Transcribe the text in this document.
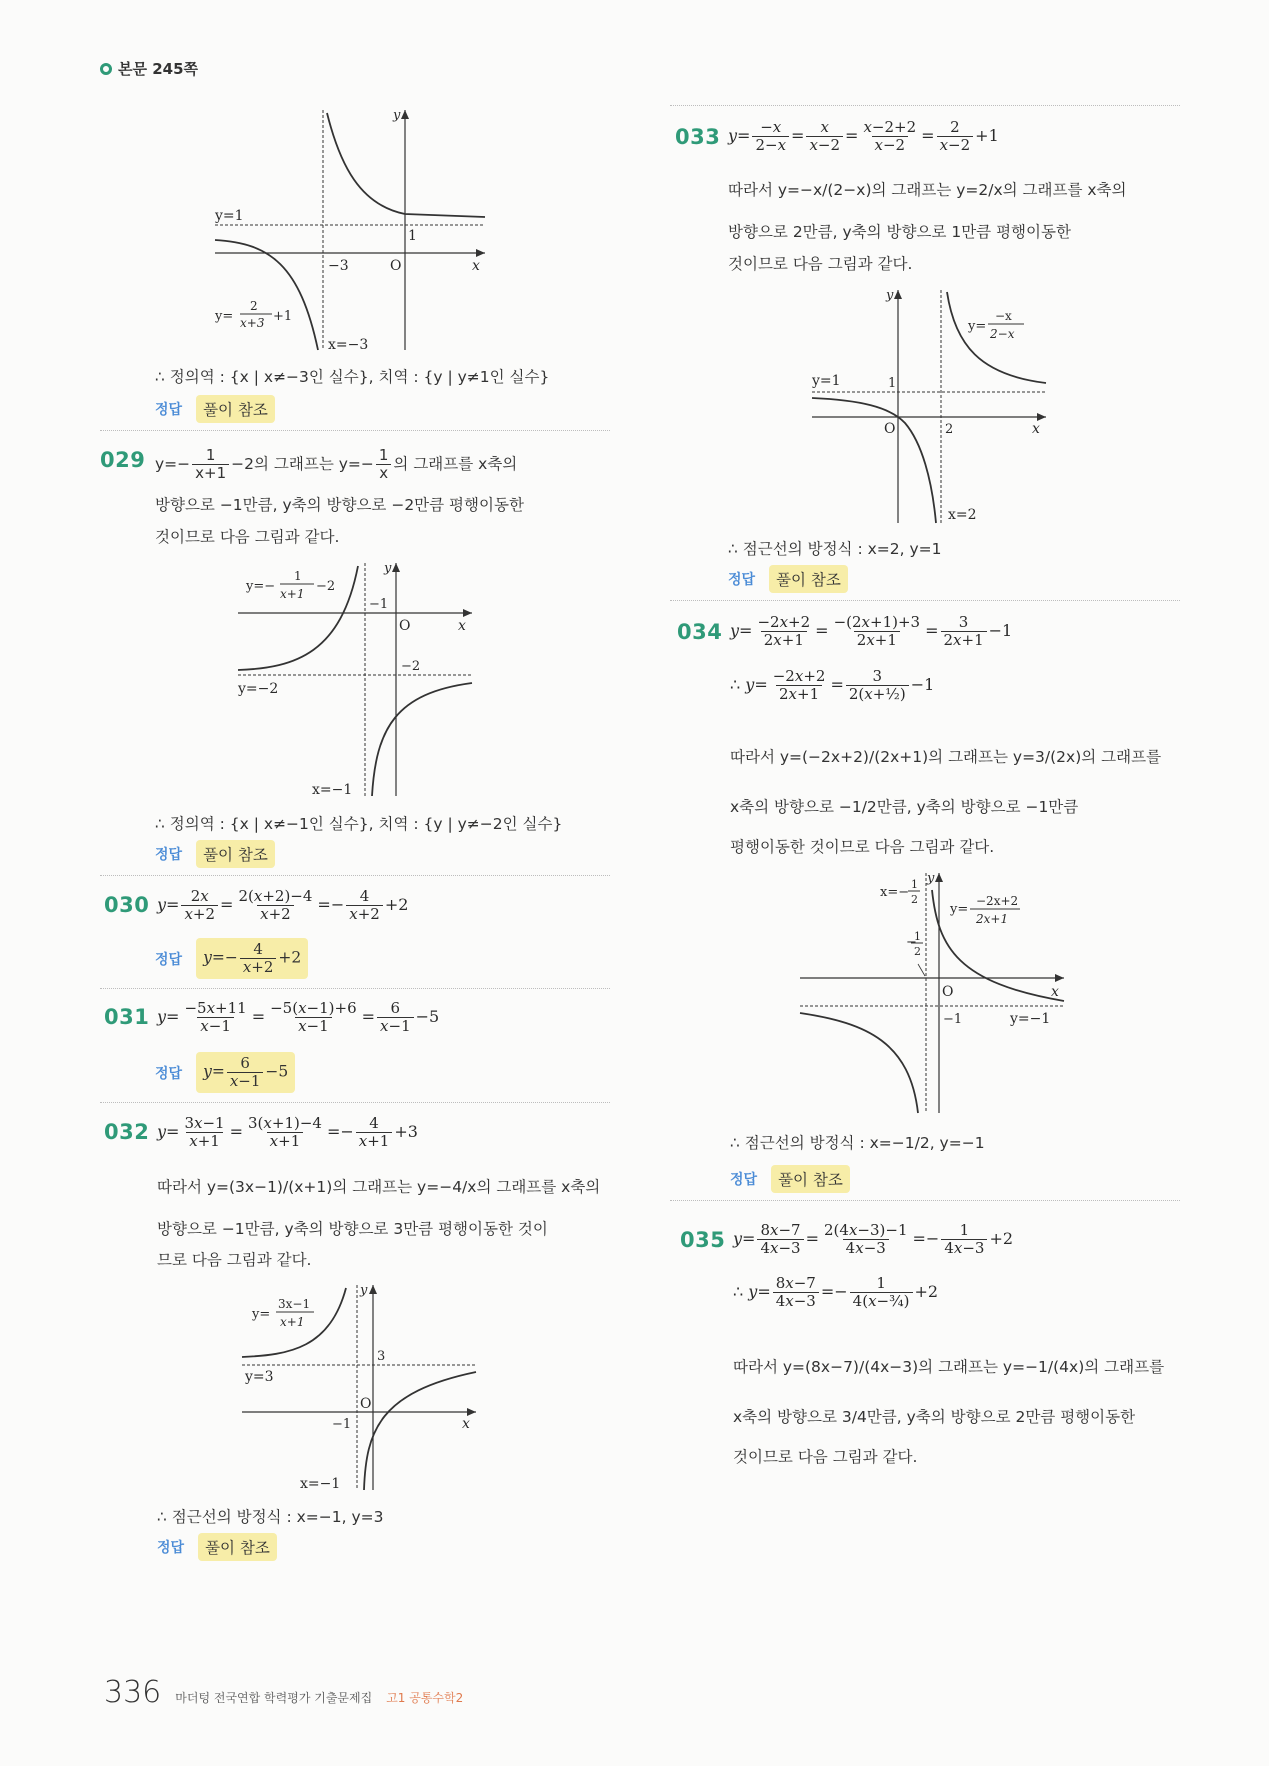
본문 245쪽
y
x
O
−3
1
y=1
x=−3
y=
2
x+3 +1
∴ 정의역 : {x | x≠−3인 실수}, 치역 : {y | y≠1인 실수}
정답	풀이 참조
029 $y=- \frac{1}{x+1} -2$의 그래프는 $y=- \frac{1}{x}$ 의 그래프를 x축의
방향으로 −1만큼, y축의 방향으로 −2만큼 평행이동한
것이므로 다음 그림과 같다.
y
x
O
−1
−2
y=−2
x=−1
y=−
1
x+1 −2
∴ 정의역 : {x | x≠−1인 실수}, 치역 : {y | y≠−2인 실수}
정답	풀이 참조
030 $y= \frac{2x}{x+2} = \frac{2(x+2)-4}{x+2} =- \frac{4}{x+2} +2$
정답	$y=- \frac{4}{x+2} +2$
031 $y= \frac{-5x+11}{x-1} = \frac{-5(x-1)+6}{x-1} = \frac{6}{x-1} -5$
정답	$y= \frac{6}{x-1} -5$
032 $y= \frac{3x-1}{x+1} = \frac{3(x+1)-4}{x+1} =- \frac{4}{x+1} +3$
따라서 y=(3x−1)/(x+1)의 그래프는 y=−4/x의 그래프를 x축의
방향으로 −1만큼, y축의 방향으로 3만큼 평행이동한 것이
므로 다음 그림과 같다.
y
x
O
−1
3
y=3
x=−1
y=
3x−1
x+1
∴ 점근선의 방정식 : x=−1, y=3
정답	풀이 참조
033 $y= \frac{-x}{2-x} = \frac{x}{x-2} = \frac{x-2+2}{x-2} = \frac{2}{x-2} +1$
따라서 y=−x/(2−x)의 그래프는 y=2/x의 그래프를 x축의
방향으로 2만큼, y축의 방향으로 1만큼 평행이동한
것이므로 다음 그림과 같다.
y
x
O	2
1
y=1
x=2
y=
−x
2−x
∴ 점근선의 방정식 : x=2, y=1
정답	풀이 참조
034 $y= \frac{-2x+2}{2x+1} = \frac{-(2x+1)+3}{2x+1} = \frac{3}{2x+1} -1$
∴ $y= \frac{-2x+2}{2x+1} = \frac{3}{\text{2(x+½)}} -1$
따라서 y=(−2x+2)/(2x+1)의 그래프는 y=3/(2x)의 그래프를
x축의 방향으로 −1/2만큼, y축의 방향으로 −1만큼
평행이동한 것이므로 다음 그림과 같다.
y
x
O
−1	y=−1
x=−
1
2
−
1
2
y=
−2x+2
2x+1
∴ 점근선의 방정식 : x=−1/2, y=−1
정답	풀이 참조
035 $y= \frac{8x-7}{4x-3} = \frac{2(4x-3)-1}{4x-3} =- \frac{1}{4x-3} +2$
∴ $y= \frac{8x-7}{4x-3} =- \frac{1}{\text{4(x−¾)}} +2$
따라서 y=(8x−7)/(4x−3)의 그래프는 y=−1/(4x)의 그래프를
x축의 방향으로 3/4만큼, y축의 방향으로 2만큼 평행이동한
것이므로 다음 그림과 같다.
336 마더텅 전국연합 학력평가 기출문제집 고1 공통수학2
